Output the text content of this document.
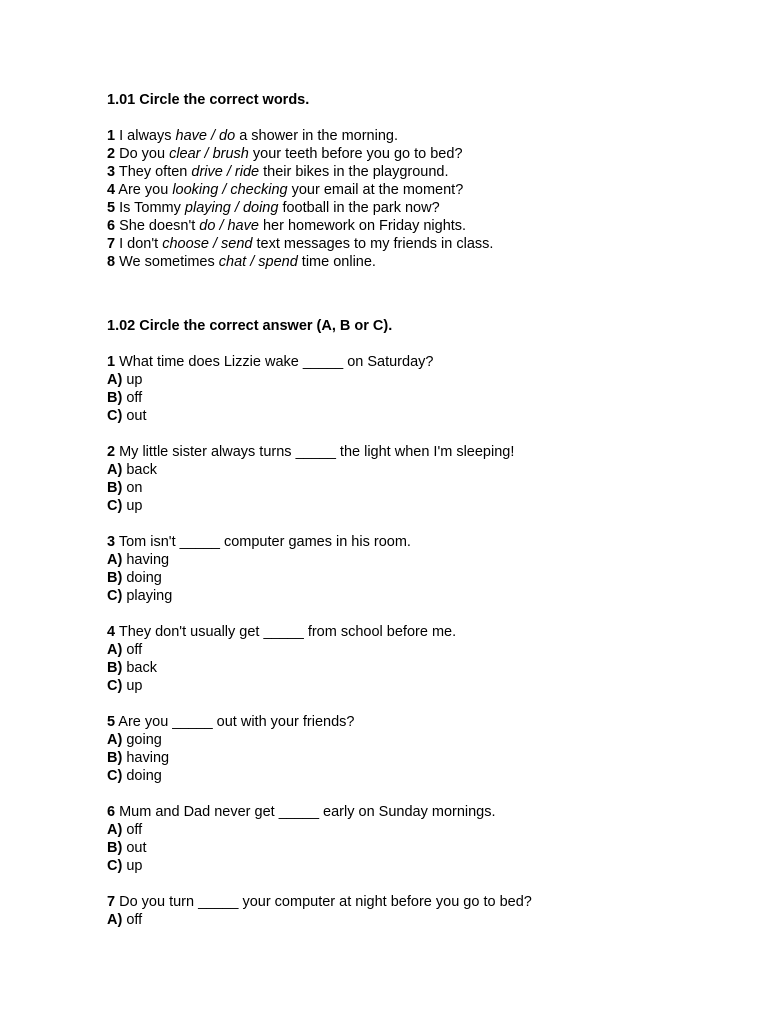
1.01 Circle the correct words.

1 I always have / do a shower in the morning.

2 Do you clear / brush your teeth before you go to bed?

3 They often drive / ride their bikes in the playground.

4 Are you looking / checking your email at the moment?

5 Is Tommy playing / doing football in the park now?

6 She doesn't do / have her homework on Friday nights.

7 I don't choose / send text messages to my friends in class.

8 We sometimes chat / spend time online.

1.02 Circle the correct answer (A, B or C).

1 What time does Lizzie wake _____ on Saturday?

A) up

B) off

C) out

2 My little sister always turns _____ the light when I'm sleeping!

A) back

B) on

C) up

3 Tom isn't _____ computer games in his room.

A) having

B) doing

C) playing

4 They don't usually get _____ from school before me.

A) off

B) back

C) up

5 Are you _____ out with your friends?

A) going

B) having

C) doing

6 Mum and Dad never get _____ early on Sunday mornings.

A) off

B) out

C) up

7 Do you turn _____ your computer at night before you go to bed?

A) off
